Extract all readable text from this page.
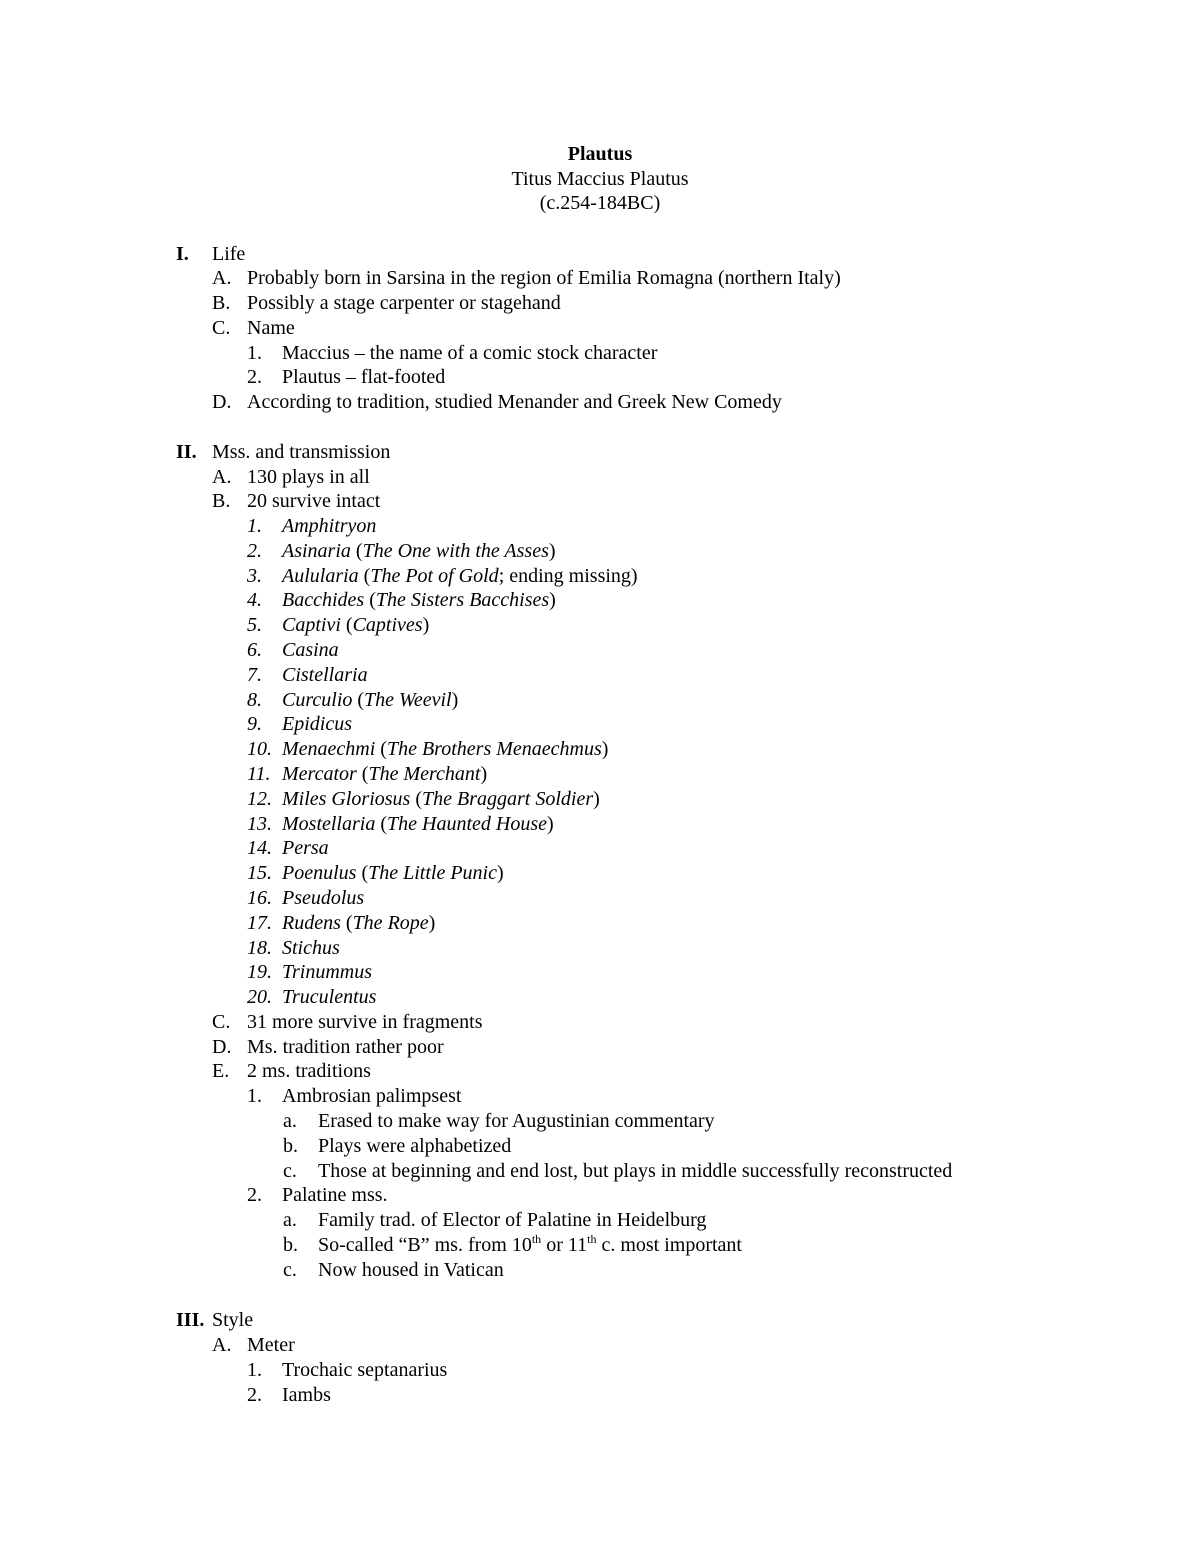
Plautus
Titus Maccius Plautus
(c.254-184BC)
I. Life
A. Probably born in Sarsina in the region of Emilia Romagna (northern Italy)
B. Possibly a stage carpenter or stagehand
C. Name
1. Maccius – the name of a comic stock character
2. Plautus – flat-footed
D. According to tradition, studied Menander and Greek New Comedy
II. Mss. and transmission
A. 130 plays in all
B. 20 survive intact
1. Amphitryon
2. Asinaria (The One with the Asses)
3. Aulularia (The Pot of Gold; ending missing)
4. Bacchides (The Sisters Bacchises)
5. Captivi (Captives)
6. Casina
7. Cistellaria
8. Curculio (The Weevil)
9. Epidicus
10. Menaechmi (The Brothers Menaechmus)
11. Mercator (The Merchant)
12. Miles Gloriosus (The Braggart Soldier)
13. Mostellaria (The Haunted House)
14. Persa
15. Poenulus (The Little Punic)
16. Pseudolus
17. Rudens (The Rope)
18. Stichus
19. Trinummus
20. Truculentus
C. 31 more survive in fragments
D. Ms. tradition rather poor
E. 2 ms. traditions
1. Ambrosian palimpsest
a. Erased to make way for Augustinian commentary
b. Plays were alphabetized
c. Those at beginning and end lost, but plays in middle successfully reconstructed
2. Palatine mss.
a. Family trad. of Elector of Palatine in Heidelburg
b. So-called “B” ms. from 10th or 11th c. most important
c. Now housed in Vatican
III. Style
A. Meter
1. Trochaic septanarius
2. Iambs
